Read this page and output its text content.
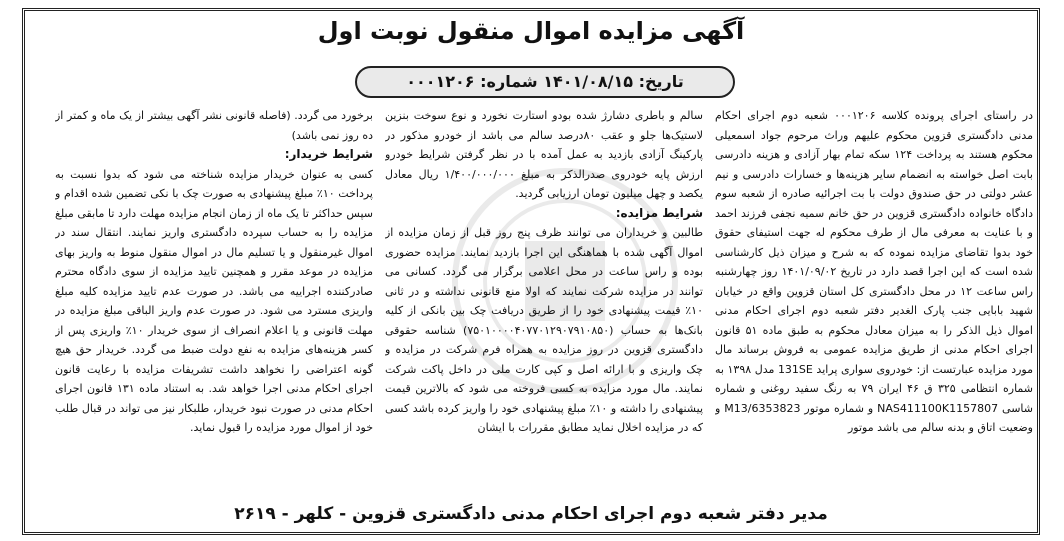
آگهی مزایده اموال منقول نوبت اول
تاریخ: ۱۴۰۱/۰۸/۱۵ شماره: ۰۰۰۱۲۰۶

در راستای اجرای پرونده کلاسه ۰۰۰۱۲۰۶ شعبه دوم اجرای احکام مدنی دادگستری قزوین محکوم علیهم وراث مرحوم جواد اسمعیلی محکوم هستند به پرداخت ۱۲۴ سکه تمام بهار آزادی و هزینه دادرسی بابت اصل خواسته به انضمام سایر هزینه‌ها و خسارات دادرسی و نیم عشر دولتی در حق صندوق دولت با بت اجرائیه صادره از شعبه سوم دادگاه خانواده دادگستری قزوین در حق خانم سمیه نجفی فرزند احمد و با عنایت به معرفی مال از طرف محکوم له جهت استیفای حقوق خود بدوا تقاضای مزایده نموده که به شرح و میزان ذیل کارشناسی شده است که این اجرا قصد دارد در تاریخ ۱۴۰۱/۰۹/۰۲ روز چهارشنبه راس ساعت ۱۲ در محل دادگستری کل استان قزوین واقع در خیابان شهید بابایی جنب پارک الغدیر دفتر شعبه دوم اجرای احکام مدنی اموال ذیل الذکر را به میزان معادل محکوم به طبق ماده ۵۱ قانون اجرای احکام مدنی از طریق مزایده عمومی به فروش برساند مال مورد مزایده عبارتست از: خودروی سواری پراید 131SE مدل ۱۳۹۸ به شماره انتظامی ۳۲۵ ق ۴۶ ایران ۷۹ به رنگ سفید روغنی و شماره شاسی NAS411100K1157807 و شماره موتور M13/6353823 و وضعیت اتاق و بدنه سالم می باشد موتور

سالم و باطری دشارژ شده بودو استارت نخورد و نوع سوخت بنزین لاستیک‌ها جلو و عقب ۸۰درصد سالم می باشد از خودرو مذکور در پارکینگ آزادی بازدید به عمل آمده با در نظر گرفتن شرایط خودرو ارزش پایه خودروی صدرالذکر به مبلغ ۱/۴۰۰/۰۰۰/۰۰۰ ریال معادل یکصد و چهل میلیون تومان ارزیابی گردید.

شرایط مزایده:

طالبین و خریداران می توانند ظرف پنج روز قبل از زمان مزایده از اموال آگهی شده با هماهنگی این اجرا بازدید نمایند. مزایده حضوری بوده و راس ساعت در محل اعلامی برگزار می گردد. کسانی می توانند در مزایده شرکت نمایند که اولا منع قانونی نداشته و در ثانی ۱۰٪ قیمت پیشنهادی خود را از طریق دریافت چک بین بانکی از کلیه بانک‌ها به حساب (۷۵۰۱۰۰۰۰۴۰۷۷۰۱۲۹۰۷۹۱۰۸۵۰) شناسه حقوقی دادگستری قزوین در روز مزایده به همراه فرم شرکت در مزایده و چک واریزی و با ارائه اصل و کپی کارت ملی در داخل پاکت شرکت نمایند. مال مورد مزایده به کسی فروخته می شود که بالاترین قیمت پیشنهادی را داشته و ۱۰٪ مبلغ پیشنهادی خود را واریز کرده باشد کسی که در مزایده اخلال نماید مطابق مقررات با ایشان

برخورد می گردد. (فاصله قانونی نشر آگهی بیشتر از یک ماه و کمتر از ده روز نمی باشد)

شرایط خریدار:

کسی به عنوان خریدار مزایده شناخته می شود که بدوا نسبت به پرداخت ۱۰٪ مبلغ پیشنهادی به صورت چک با نکی تضمین شده اقدام و سپس حداکثر تا یک ماه از زمان انجام مزایده مهلت دارد تا مابقی مبلغ مزایده را به حساب سپرده دادگستری واریز نمایند. انتقال سند در اموال غیرمنقول و یا تسلیم مال در اموال منقول منوط به واریز بهای مزایده در موعد مقرر و همچنین تایید مزایده از سوی دادگاه محترم صادرکننده اجراییه می باشد. در صورت عدم تایید مزایده کلیه مبلغ واریزی مسترد می شود. در صورت عدم واریز الباقی مبلغ مزایده در مهلت قانونی و یا اعلام انصراف از سوی خریدار ۱۰٪ واریزی پس از کسر هزینه‌های مزایده به نفع دولت ضبط می گردد. خریدار حق هیچ گونه اعتراضی را نخواهد داشت تشریفات مزایده با رعایت قانون اجرای احکام مدنی اجرا خواهد شد. به استناد ماده ۱۳۱ قانون اجرای احکام مدنی در صورت نبود خریدار، طلبکار نیز می تواند در قبال طلب خود از اموال مورد مزایده را قبول نماید.

مدیر دفتر شعبه دوم اجرای احکام مدنی دادگستری قزوین - کلهر - ۲۶۱۹
